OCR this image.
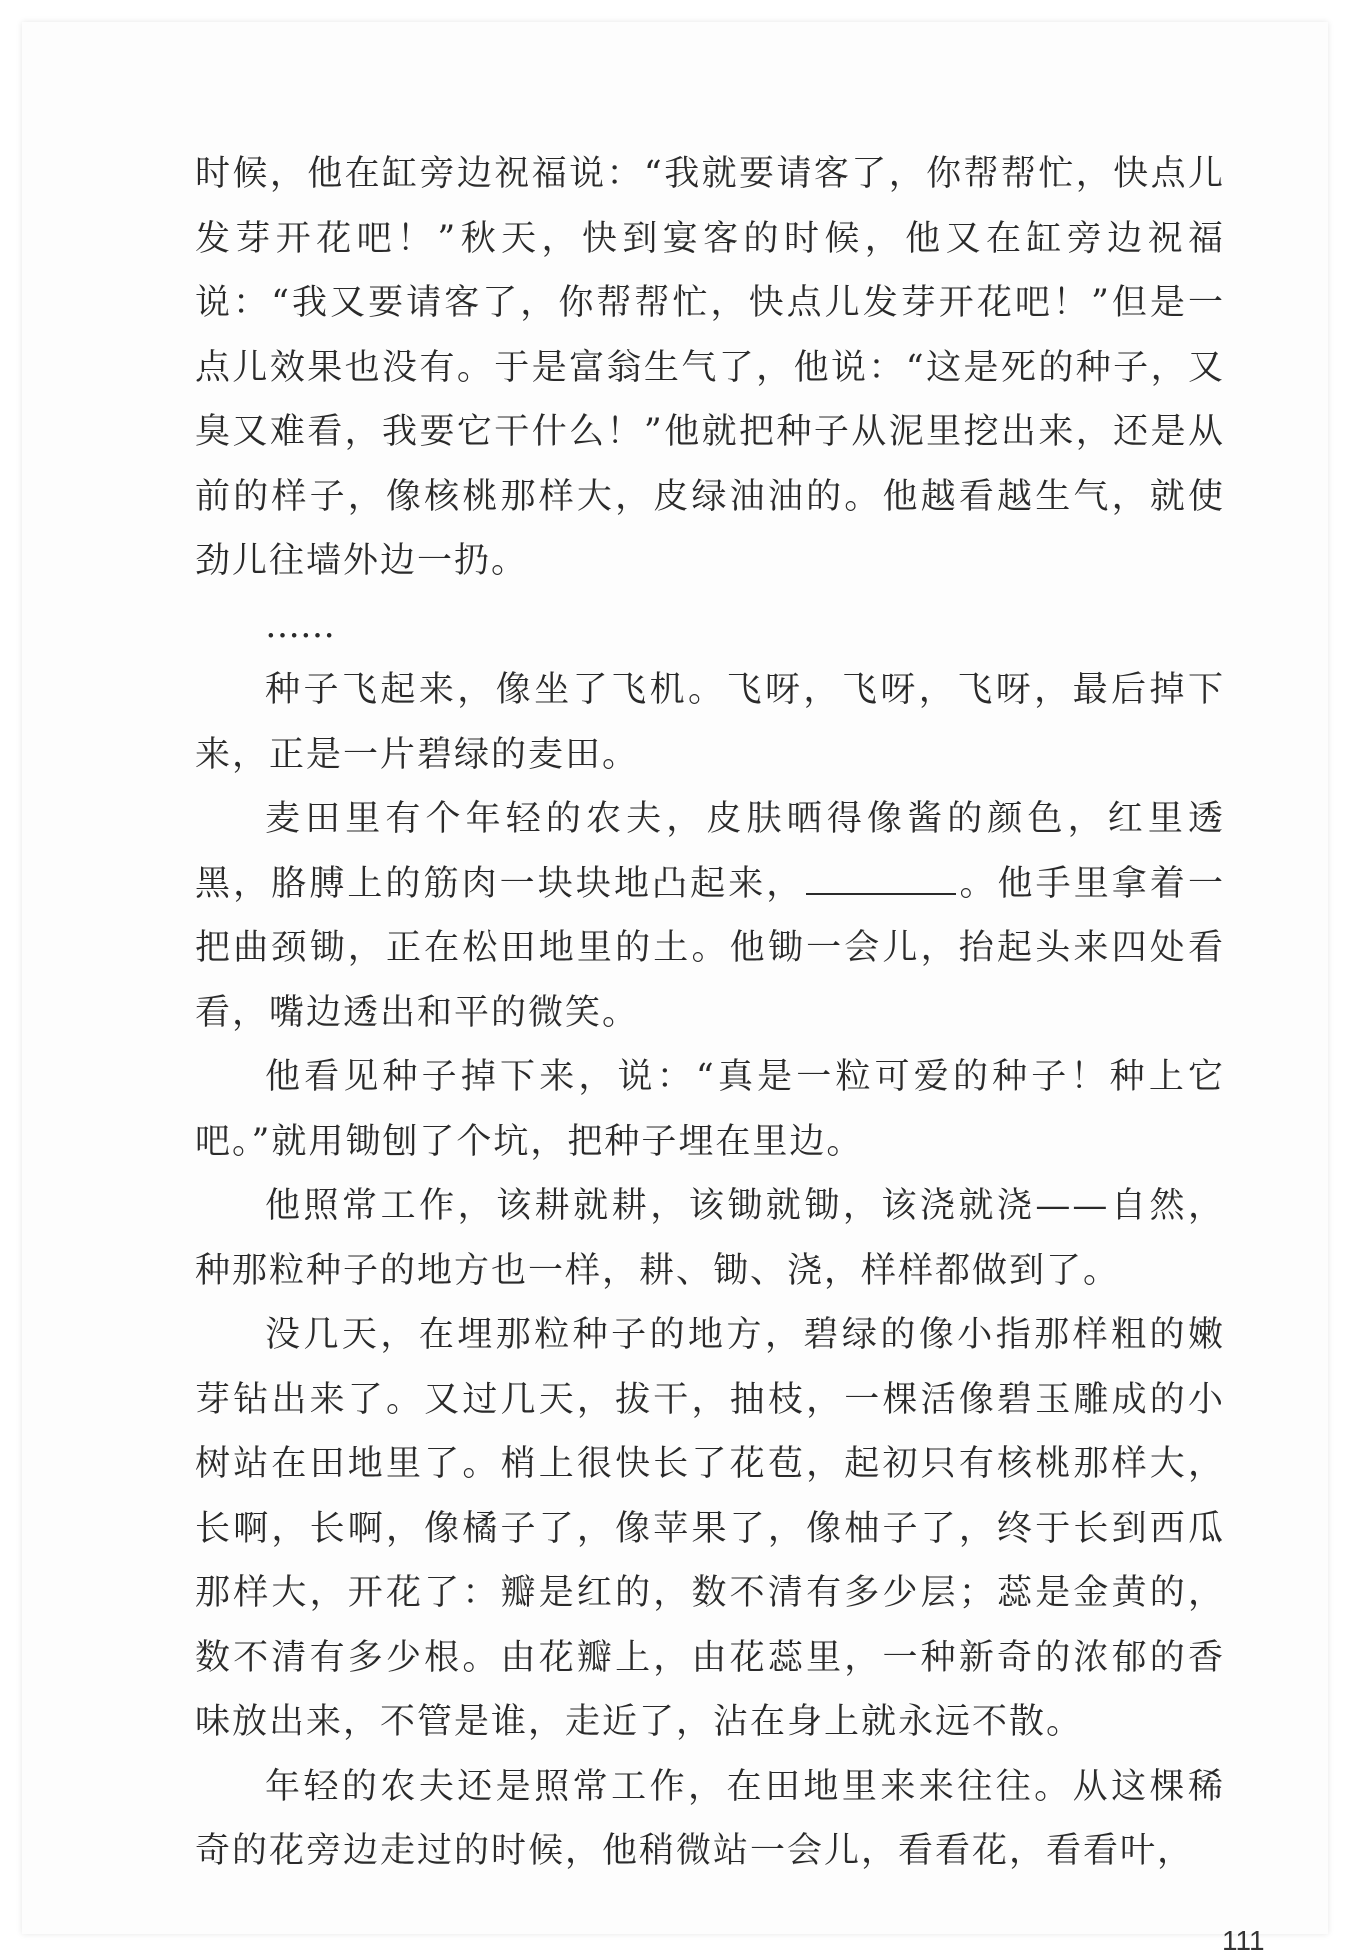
时候，他在缸旁边祝福说：“我就要请客了，你帮帮忙，快点儿发芽开花吧！”秋天，快到宴客的时候，他又在缸旁边祝福说：“我又要请客了，你帮帮忙，快点儿发芽开花吧！”但是一点儿效果也没有。于是富翁生气了，他说：“这是死的种子，又臭又难看，我要它干什么！”他就把种子从泥里挖出来，还是从前的样子，像核桃那样大，皮绿油油的。他越看越生气，就使劲儿往墙外边一扔。

……

种子飞起来，像坐了飞机。飞呀，飞呀，飞呀，最后掉下来，正是一片碧绿的麦田。

麦田里有个年轻的农夫，皮肤晒得像酱的颜色，红里透黑，胳膊上的筋肉一块块地凸起来，	。他手里拿着一把曲颈锄，正在松田地里的土。他锄一会儿，抬起头来四处看看，嘴边透出和平的微笑。

他看见种子掉下来，说：“真是一粒可爱的种子！种上它吧。”就用锄刨了个坑，把种子埋在里边。

他照常工作，该耕就耕，该锄就锄，该浇就浇——自然，种那粒种子的地方也一样，耕、锄、浇，样样都做到了。

没几天，在埋那粒种子的地方，碧绿的像小指那样粗的嫩芽钻出来了。又过几天，拔干，抽枝，一棵活像碧玉雕成的小树站在田地里了。梢上很快长了花苞，起初只有核桃那样大，长啊，长啊，像橘子了，像苹果了，像柚子了，终于长到西瓜那样大，开花了：瓣是红的，数不清有多少层；蕊是金黄的，数不清有多少根。由花瓣上，由花蕊里，一种新奇的浓郁的香味放出来，不管是谁，走近了，沾在身上就永远不散。

年轻的农夫还是照常工作，在田地里来来往往。从这棵稀奇的花旁边走过的时候，他稍微站一会儿，看看花，看看叶，

111
